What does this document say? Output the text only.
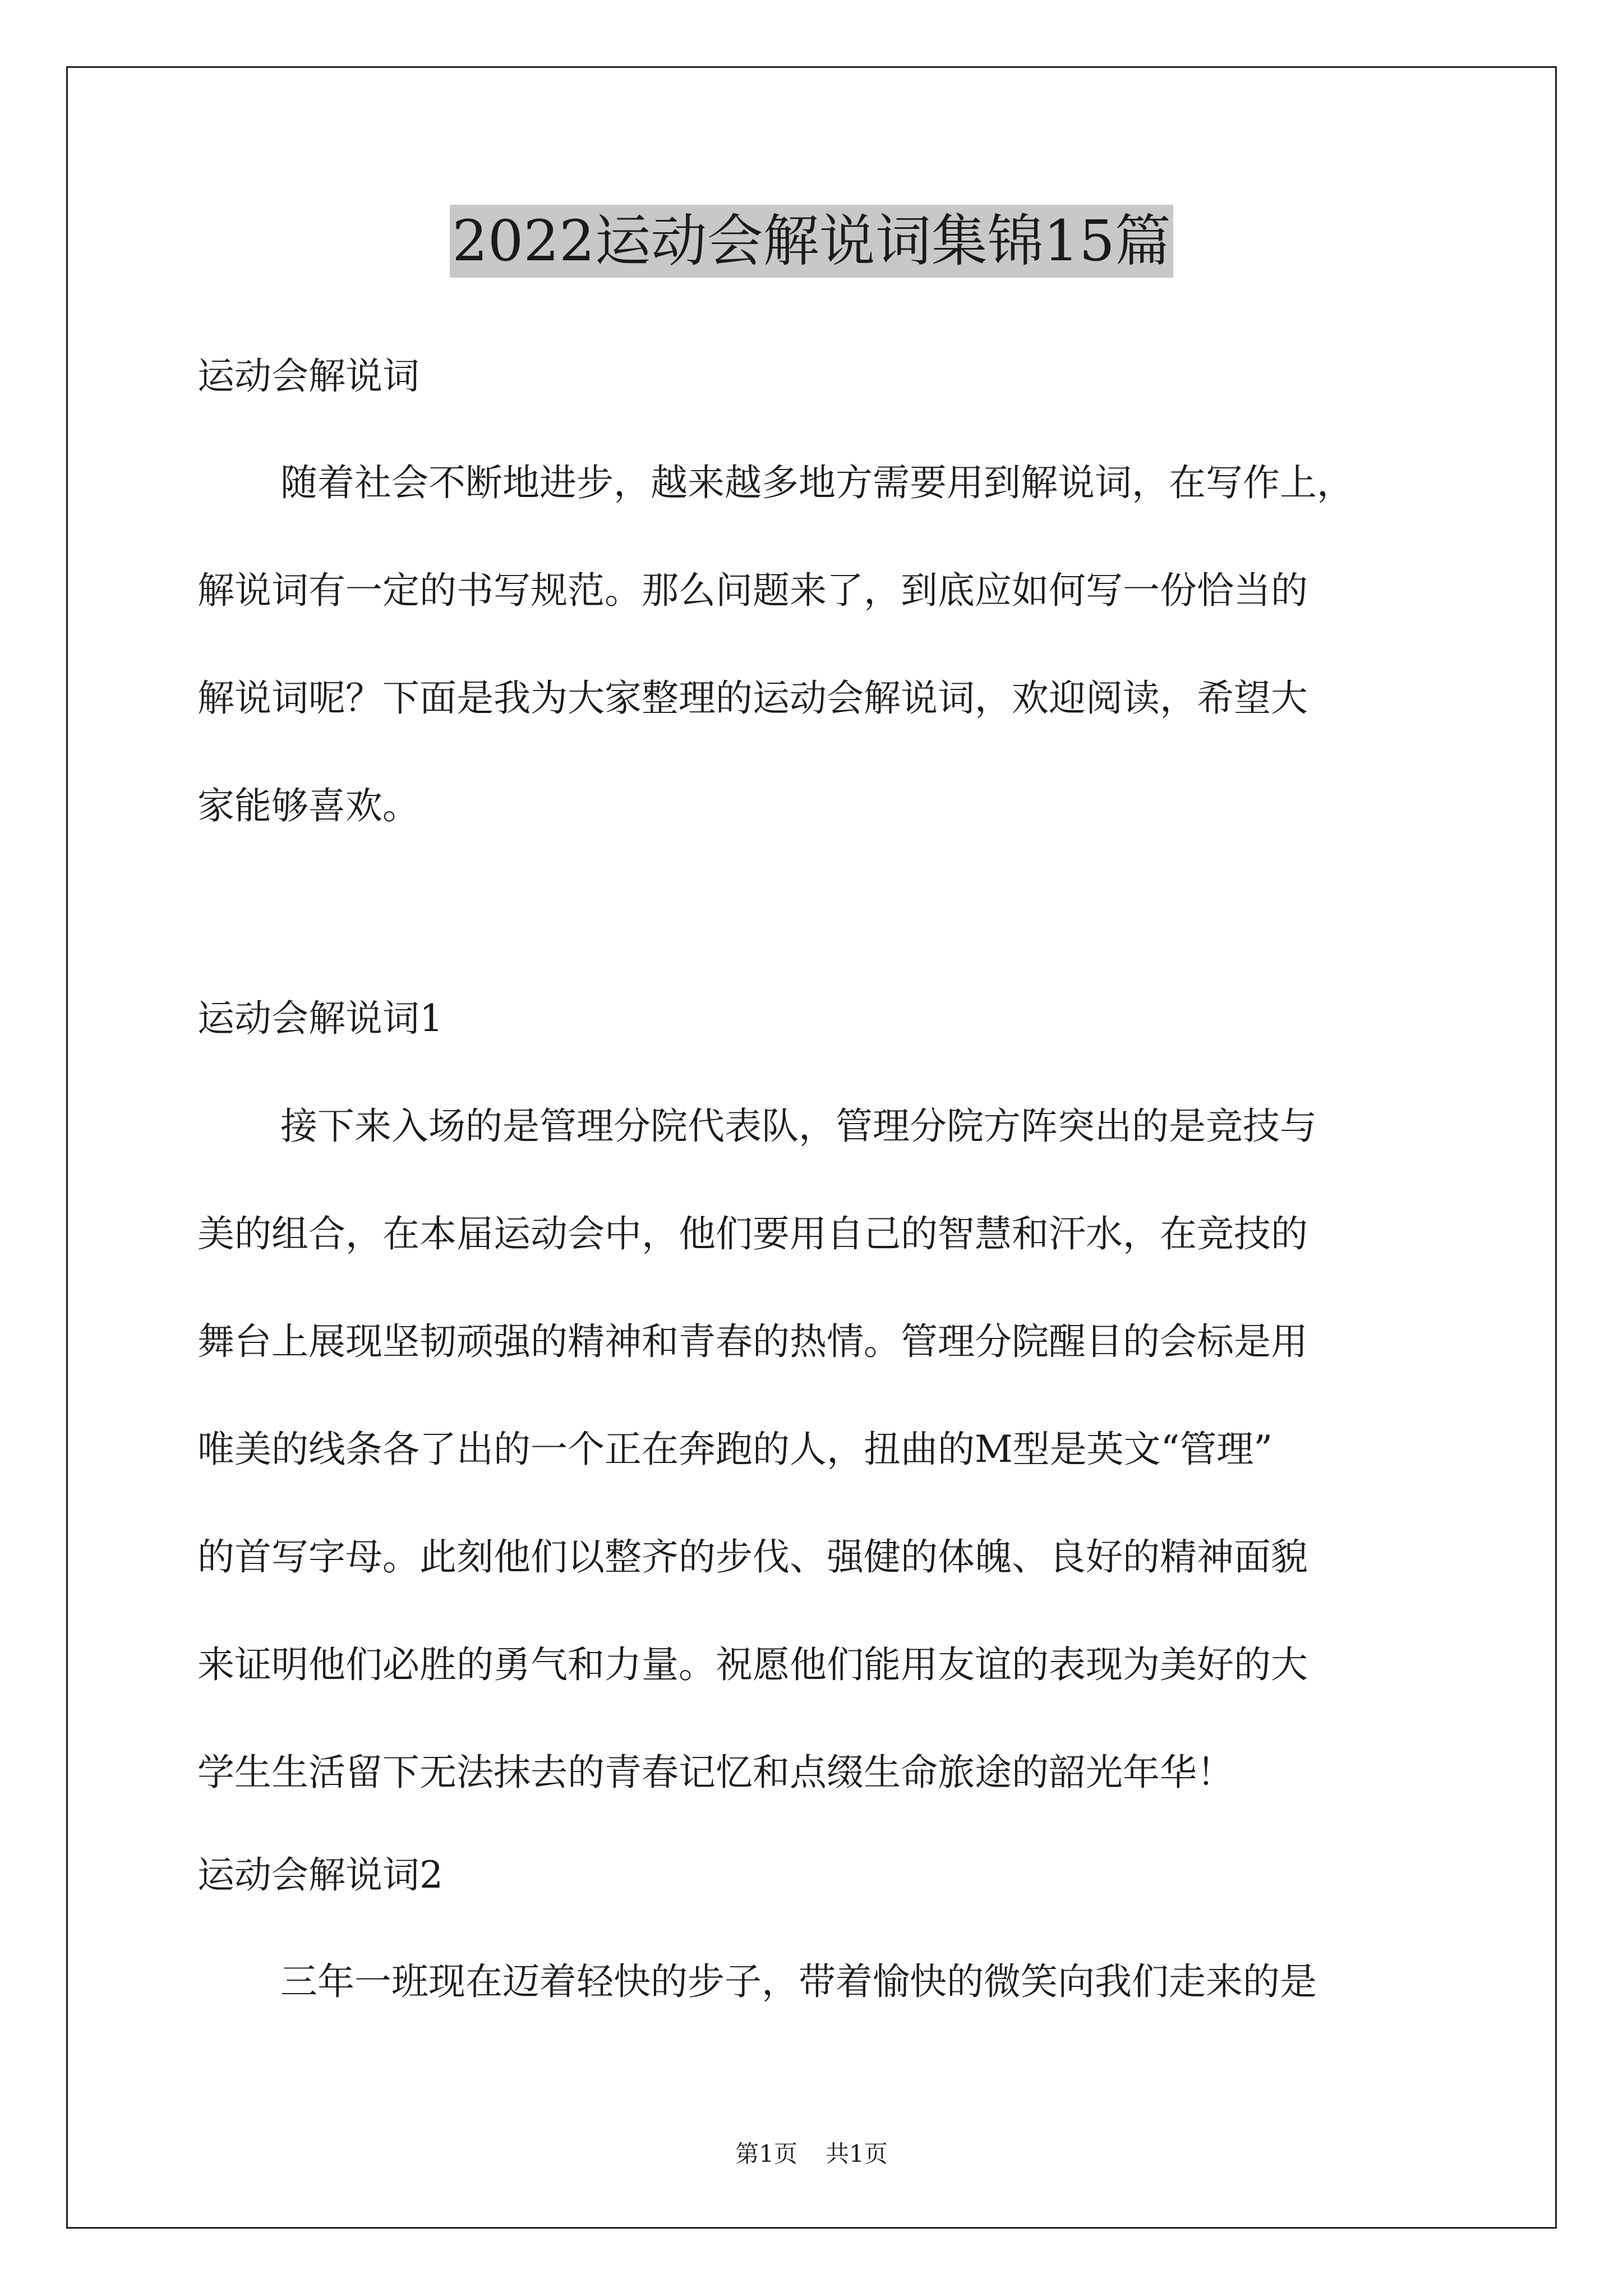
2022运动会解说词集锦15篇
运动会解说词
随着社会不断地进步，越来越多地方需要用到解说词，在写作上，
解说词有一定的书写规范。那么问题来了，到底应如何写一份恰当的
解说词呢？下面是我为大家整理的运动会解说词，欢迎阅读，希望大
家能够喜欢。
运动会解说词1
接下来入场的是管理分院代表队，管理分院方阵突出的是竞技与
美的组合，在本届运动会中，他们要用自己的智慧和汗水，在竞技的
舞台上展现坚韧顽强的精神和青春的热情。管理分院醒目的会标是用
唯美的线条各了出的一个正在奔跑的人，扭曲的M型是英文“管理”
的首写字母。此刻他们以整齐的步伐、强健的体魄、良好的精神面貌
来证明他们必胜的勇气和力量。祝愿他们能用友谊的表现为美好的大
学生生活留下无法抹去的青春记忆和点缀生命旅途的韶光年华！
运动会解说词2
三年一班现在迈着轻快的步子，带着愉快的微笑向我们走来的是
第1页 共1页
